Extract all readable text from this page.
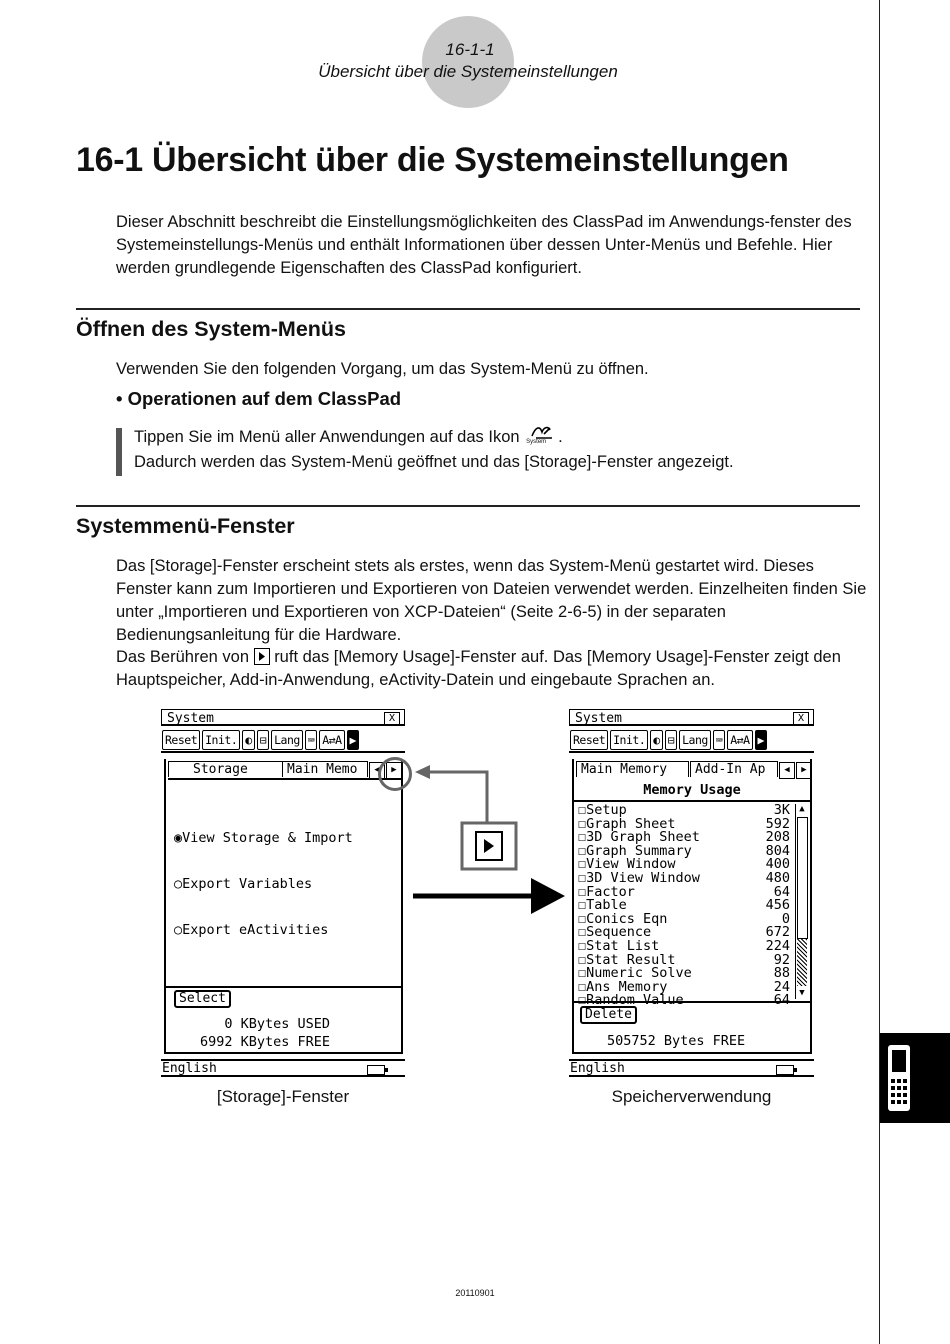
16-1-1
Übersicht über die Systemeinstellungen
16-1 Übersicht über die Systemeinstellungen
Dieser Abschnitt beschreibt die Einstellungsmöglichkeiten des ClassPad im Anwendungs-fenster des Systemeinstellungs-Menüs und enthält Informationen über dessen Unter-Menüs und Befehle. Hier werden grundlegende Eigenschaften des ClassPad konfiguriert.
Öffnen des System-Menüs
Verwenden Sie den folgenden Vorgang, um das System-Menü zu öffnen.
• Operationen auf dem ClassPad
Tippen Sie im Menü aller Anwendungen auf das Ikon System .
Dadurch werden das System-Menü geöffnet und das [Storage]-Fenster angezeigt.
Systemmenü-Fenster
Das [Storage]-Fenster erscheint stets als erstes, wenn das System-Menü gestartet wird. Dieses Fenster kann zum Importieren und Exportieren von Dateien verwendet werden. Einzelheiten finden Sie unter „Importieren und Exportieren von XCP-Dateien“ (Seite 2-6-5) in der separaten Bedienungsanleitung für die Hardware.
Das Berühren von ruft das [Memory Usage]-Fenster auf. Das [Memory Usage]-Fenster zeigt den Hauptspeicher, Add-in-Anwendung, eActivity-Datein und eingebaute Sprachen an.
System	X
Reset Init. ◐ ⊟ Lang ⌨ A⇄A ▶
Storage	Main Memo	◀	▶
◉View Storage & Import
○Export Variables
○Export eActivities
Select
0 KBytes USED
6992 KBytes FREE
English
System	X
Reset Init. ◐ ⊟ Lang ⌨ A⇄A ▶
Main Memory	Add-In Ap	◀	▶
Memory Usage
☐Setup	3K
☐Graph Sheet	592
☐3D Graph Sheet	208
☐Graph Summary	804
☐View Window	400
☐3D View Window	480
☐Factor	64
☐Table	456
☐Conics Eqn	0
☐Sequence	672
☐Stat List	224
☐Stat Result	92
☐Numeric Solve	88
☐Ans Memory	24
☐Random Value	64
▲
▼
Delete
505752 Bytes FREE
English
[Storage]-Fenster	Speicherverwendung
20110901
